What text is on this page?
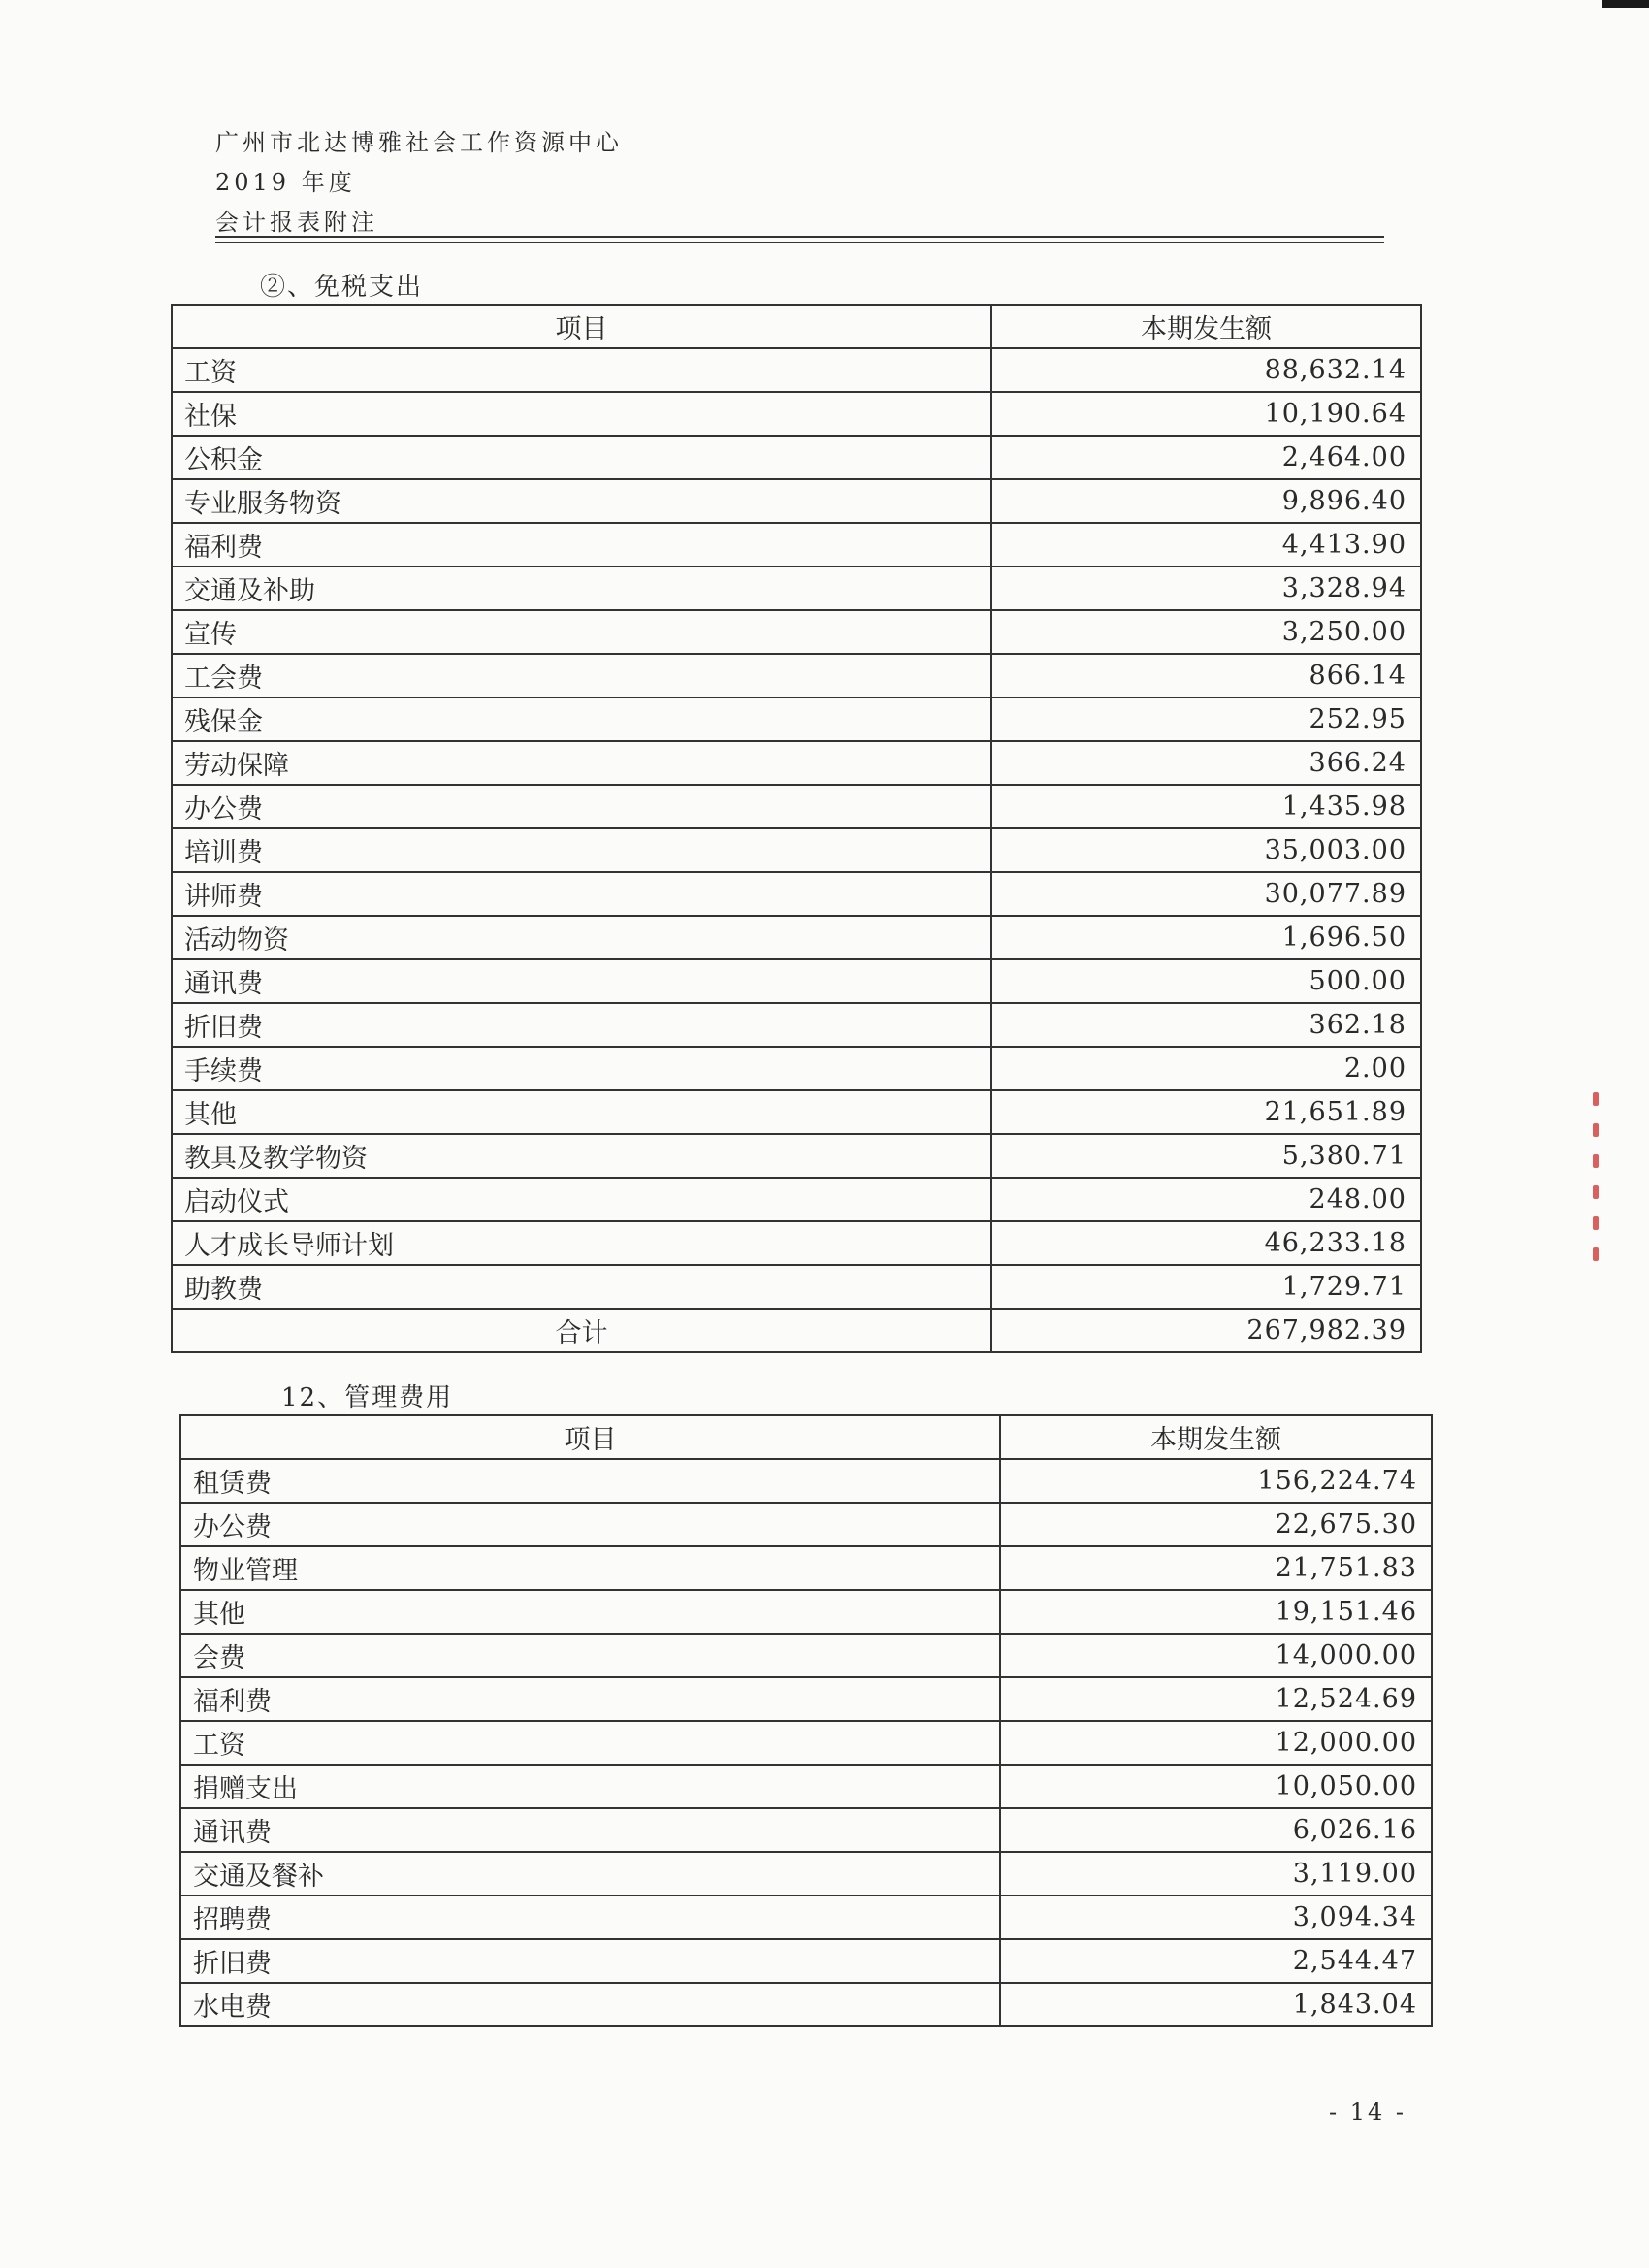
广州市北达博雅社会工作资源中心
2019 年度
会计报表附注
②、免税支出
项目	本期发生额
工资	88,632.14
社保	10,190.64
公积金	2,464.00
专业服务物资	9,896.40
福利费	4,413.90
交通及补助	3,328.94
宣传	3,250.00
工会费	866.14
残保金	252.95
劳动保障	366.24
办公费	1,435.98
培训费	35,003.00
讲师费	30,077.89
活动物资	1,696.50
通讯费	500.00
折旧费	362.18
手续费	2.00
其他	21,651.89
教具及教学物资	5,380.71
启动仪式	248.00
人才成长导师计划	46,233.18
助教费	1,729.71
合计	267,982.39
12、管理费用
项目	本期发生额
租赁费	156,224.74
办公费	22,675.30
物业管理	21,751.83
其他	19,151.46
会费	14,000.00
福利费	12,524.69
工资	12,000.00
捐赠支出	10,050.00
通讯费	6,026.16
交通及餐补	3,119.00
招聘费	3,094.34
折旧费	2,544.47
水电费	1,843.04
- 14 -
